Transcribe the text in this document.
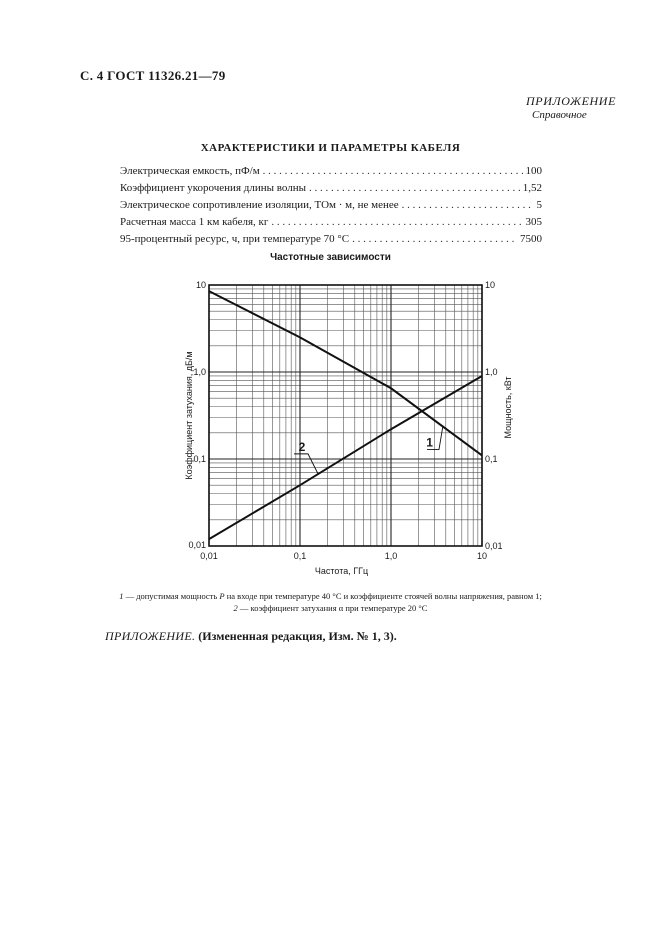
С. 4 ГОСТ 11326.21—79
ПРИЛОЖЕНИЕ
Справочное
ХАРАКТЕРИСТИКИ И ПАРАМЕТРЫ КАБЕЛЯ
Электрическая емкость, пФ/м . . .	100
Коэффициент укорочения длины волны . . .	1,52
Электрическое сопротивление изоляции, ТОм · м, не менее . . .	5
Расчетная масса 1 км кабеля, кг . . .	305
95-процентный ресурс, ч, при температуре 70 °С . . .	7500
Частотные зависимости
0,01	0,1	1,0	10
0,01
0,1
1,0
10
0,01
0,1
1,0
10
Частота, ГГц
Коэффициент затухания, дБ/м	Мощность, кВт
1
2
1 — допустимая мощность P на входе при температуре 40 °С и коэффициенте стоячей волны напряжения, равном 1;
2 — коэффициент затухания α при температуре 20 °С
ПРИЛОЖЕНИЕ. (Измененная редакция, Изм. № 1, 3).
